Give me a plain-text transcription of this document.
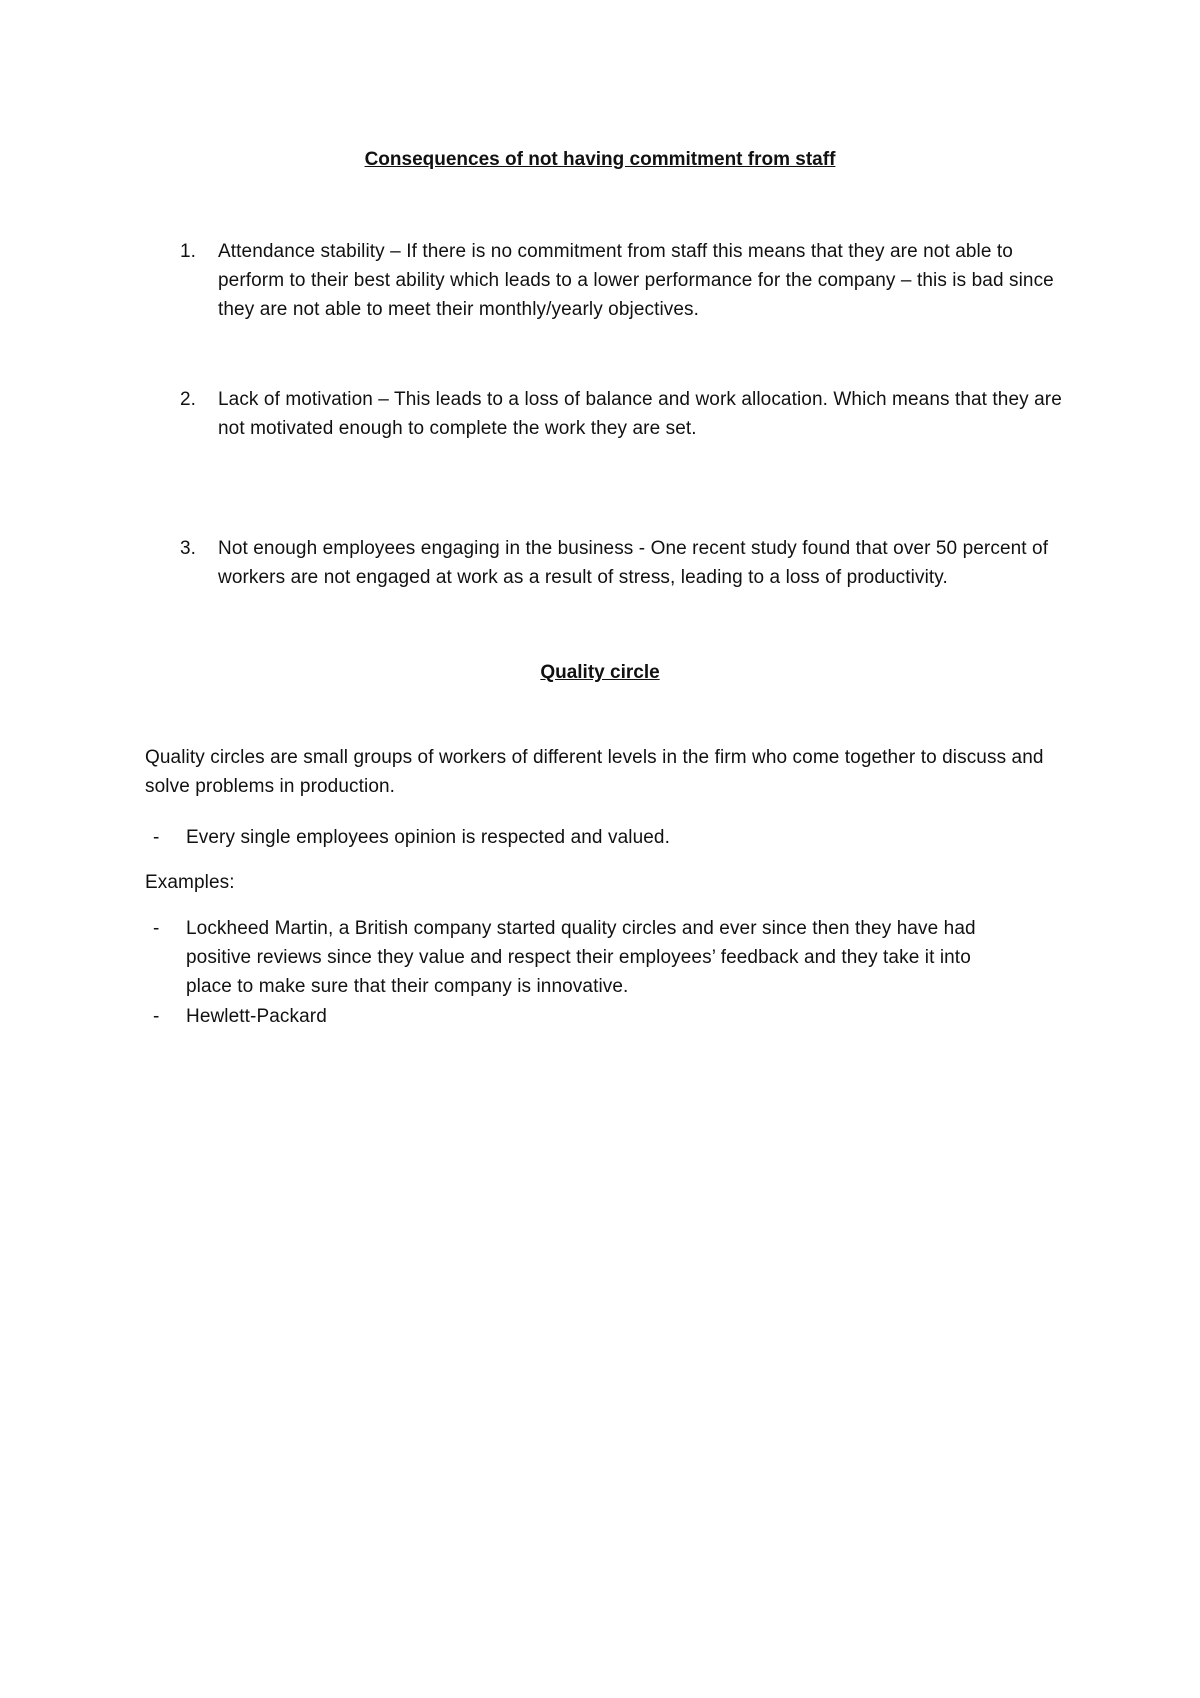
Consequences of not having commitment from staff
1.	Attendance stability – If there is no commitment from staff this means that they are not able to perform to their best ability which leads to a lower performance for the company – this is bad since they are not able to meet their monthly/yearly objectives.
2.	Lack of motivation – This leads to a loss of balance and work allocation. Which means that they are not motivated enough to complete the work they are set.
3.	Not enough employees engaging in the business - One recent study found that over 50 percent of workers are not engaged at work as a result of stress, leading to a loss of productivity.
Quality circle
Quality circles are small groups of workers of different levels in the firm who come together to discuss and solve problems in production.
-	Every single employees opinion is respected and valued.
Examples:
-	Lockheed Martin, a British company started quality circles and ever since then they have had positive reviews since they value and respect their employees’ feedback and they take it into place to make sure that their company is innovative.
-	Hewlett-Packard
